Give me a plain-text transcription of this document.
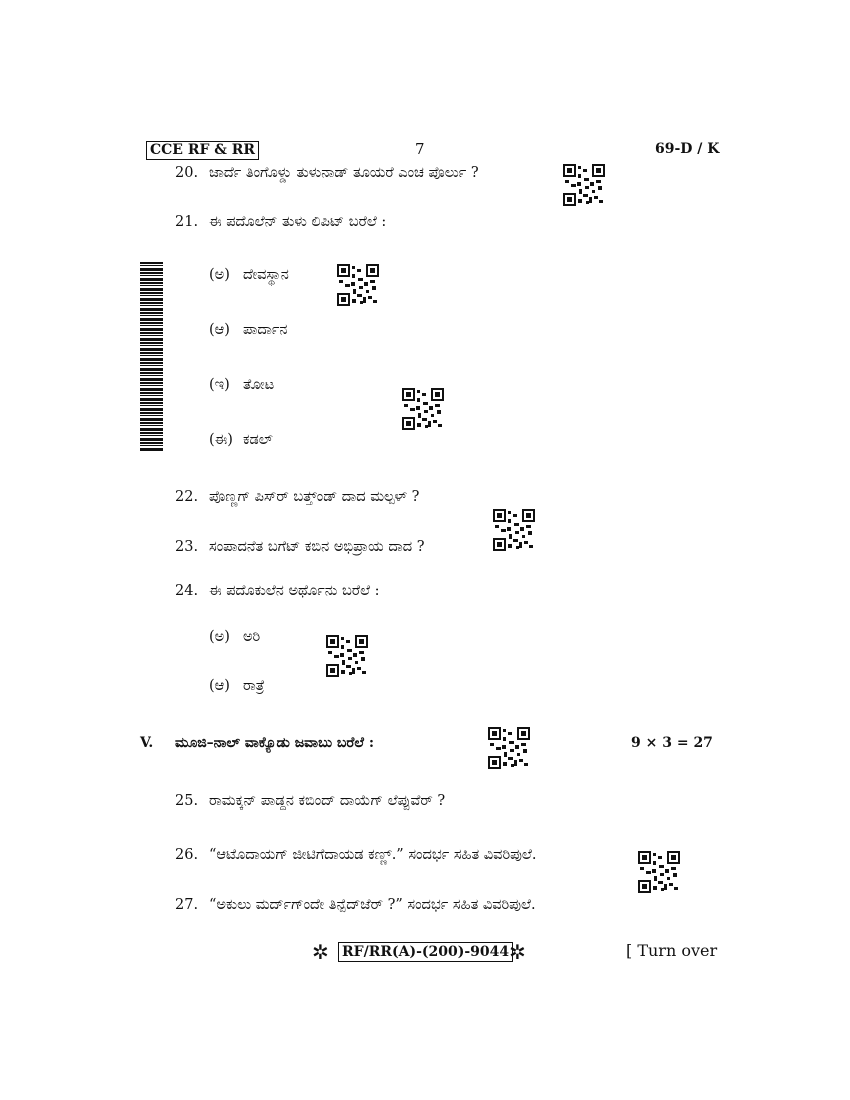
CCE RF & RR	7	69-D / K
20. ಜಾರ್ದೆ ತಿಂಗೊಳ್ಡು ತುಳುನಾಡ್ ತೂಯರೆ ಎಂಚ ಪೊರ್ಲು ?
21. ಈ ಪದೊಲೆನ್ ತುಳು ಲಿಪಿಟ್ ಬರೆಲೆ :
(ಅ) ದೇವಸ್ಥಾನ
(ಆ) ಪಾರ್ದಾನ
(ಇ) ತೋಟ
(ಈ) ಕಡಲ್
22. ಪೊಣ್ಣಗ್ ಪಿಸ್‌ರ್ ಬತ್ತ್ಂಡ್ ದಾದ ಮಲ್ಪಳ್ ?
23. ಸಂಪಾದನೆತ ಬಗೆಟ್ ಕಬಿನ ಅಭಿಪ್ರಾಯ ದಾದ ?
24. ಈ ಪದೊಕುಲೆನ ಅರ್ಥೊನು ಬರೆಲೆ :
(ಅ) ಅರಿ
(ಆ) ರಾತ್ರೆ
V. ಮೂಜಿ–ನಾಲ್ ವಾಕ್ಯೊಡು ಜವಾಬು ಬರೆಲೆ :	9 × 3 = 27
25. ರಾಮಕ್ಕನ್ ಪಾಡ್ದನ ಕಬಿಂದ್ ದಾಯೆಗ್ ಲೆಪ್ಪುವೆರ್ ?
26. “ಆಟೊದಾಯಗ್ ಜೀಟಿಗೆದಾಯಡ ಕಣ್ಣ್.” ಸಂದರ್ಭ ಸಹಿತ ವಿವರಿಪುಲೆ.
27. “ಅಕುಲು ಮರ್ದ್‌ಗ್‌ಂದೇ ತಿನ್ಪೆದ್‌ಜೆರ್ ?” ಸಂದರ್ಭ ಸಹಿತ ವಿವರಿಪುಲೆ.
✲ RF/RR(A)-(200)-9044 ✲	[ Turn over
